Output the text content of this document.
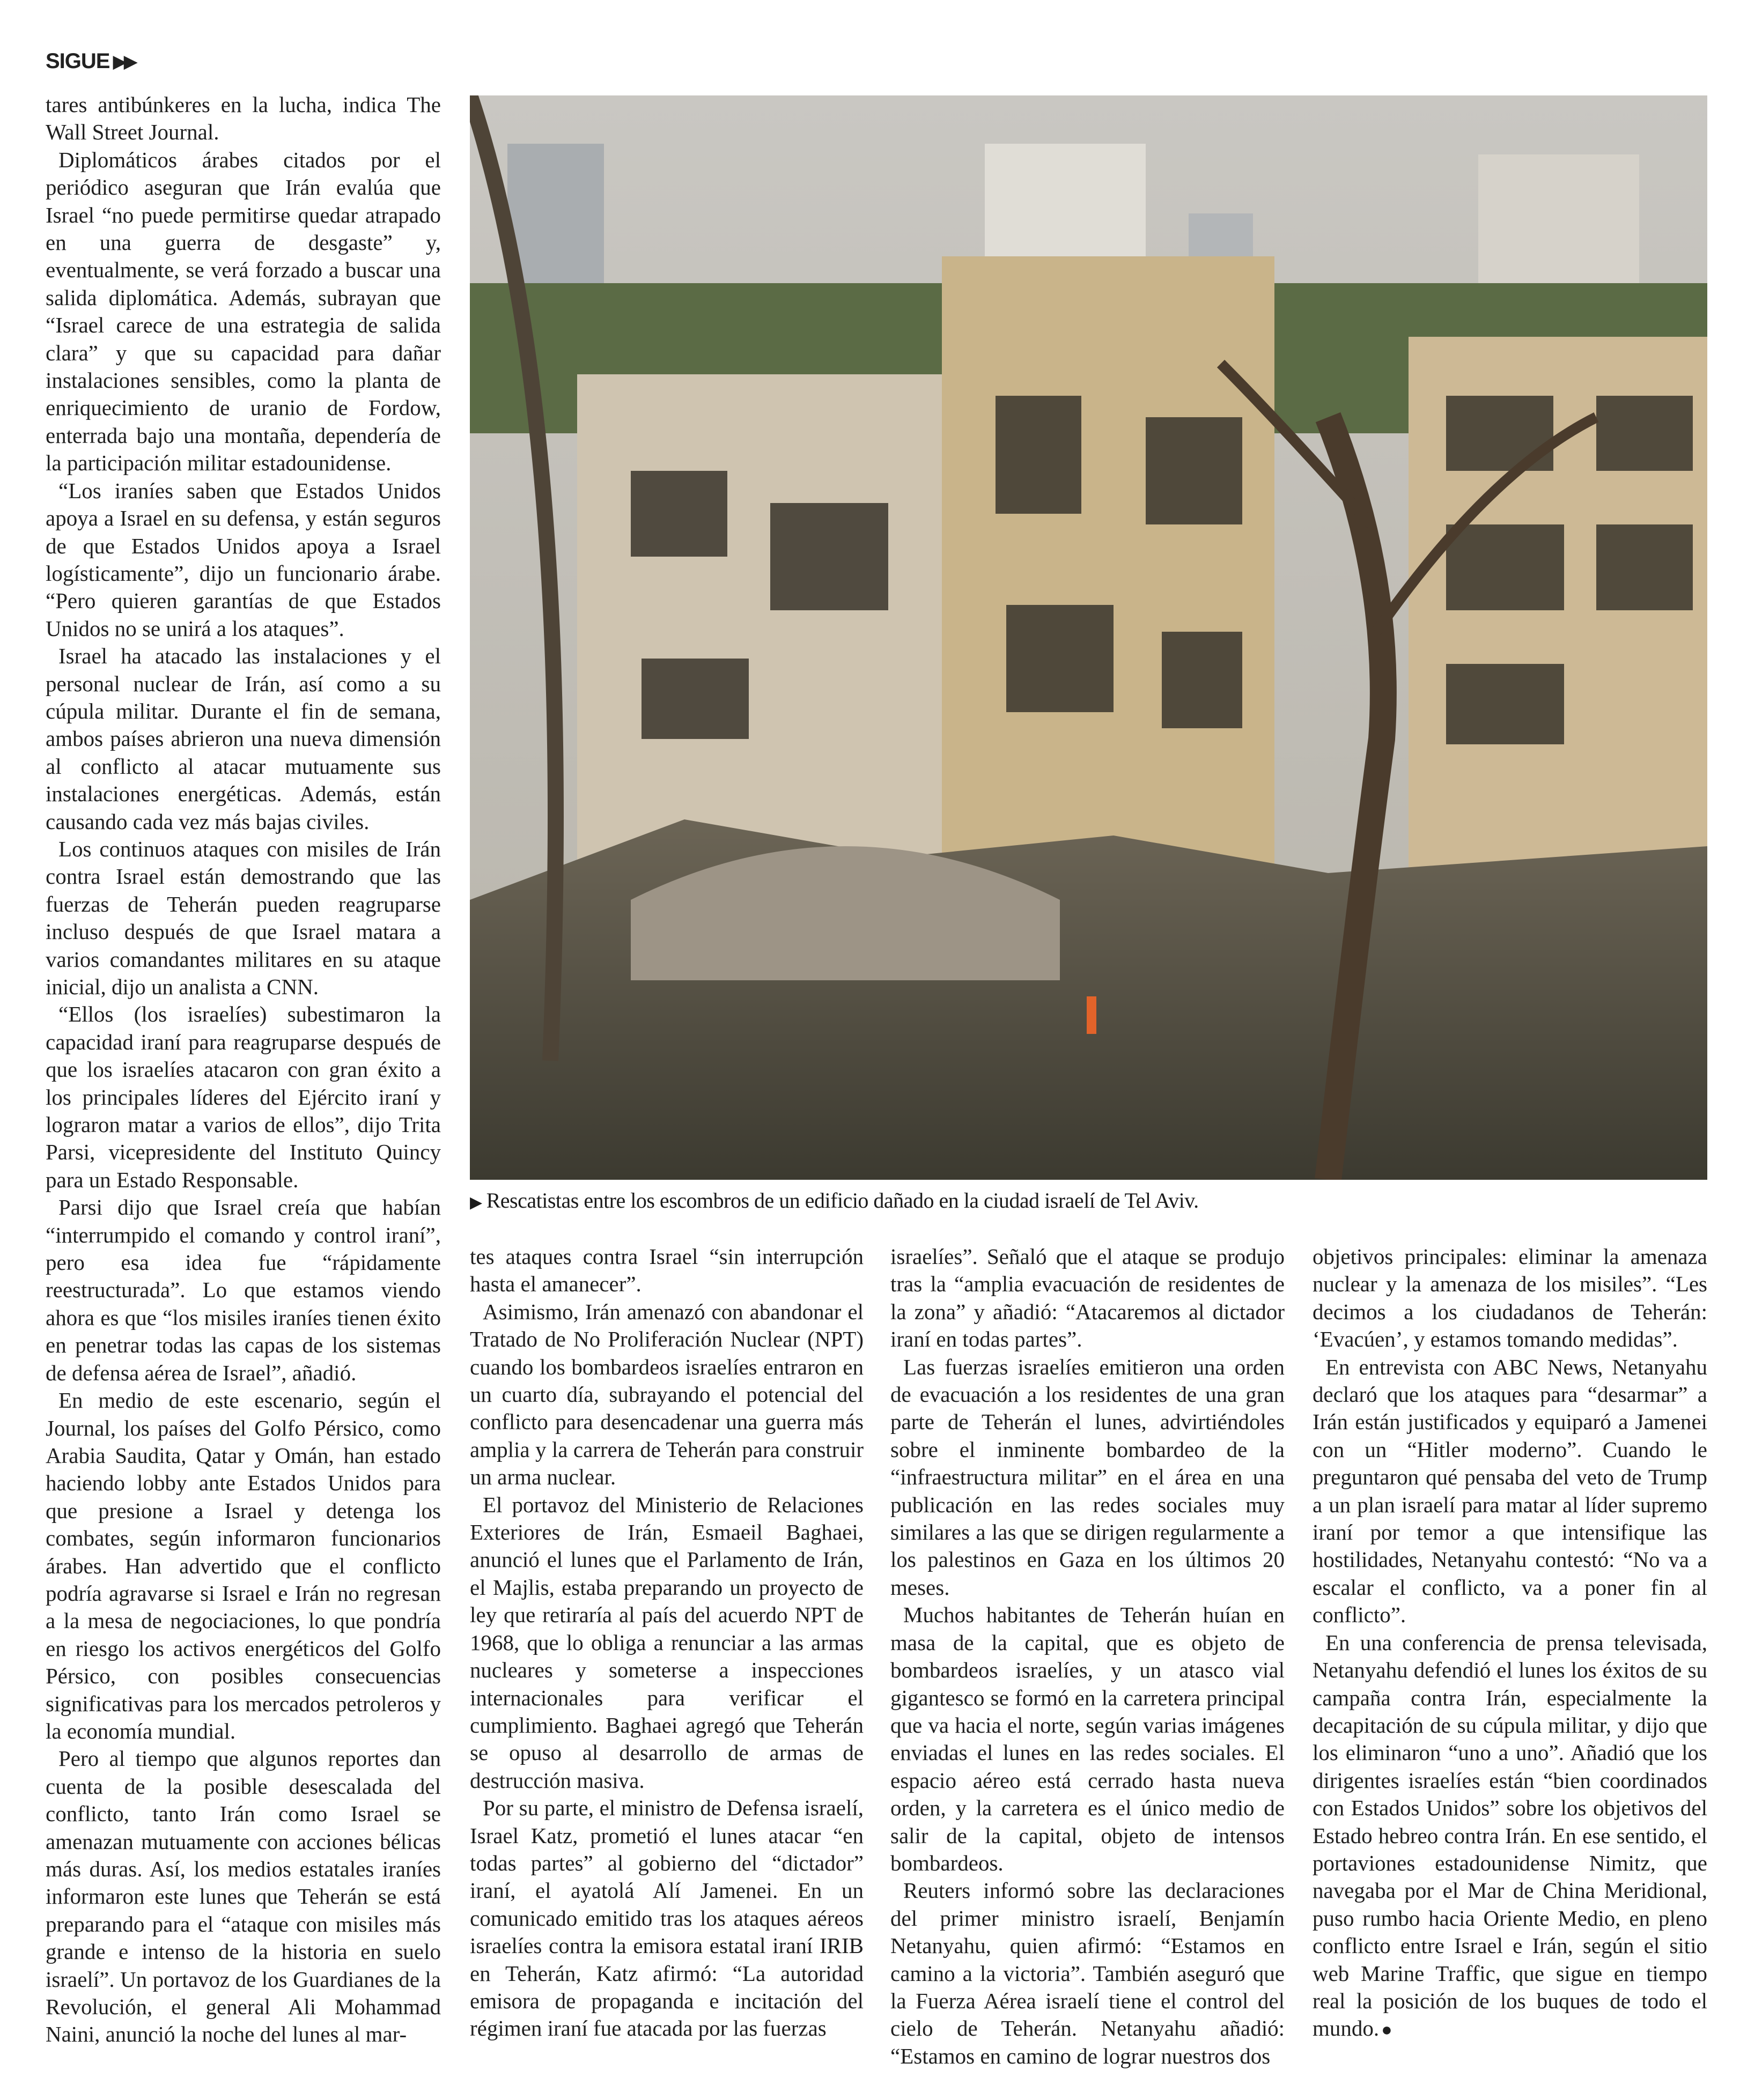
SIGUE ▶▶

tares antibúnkeres en la lucha, indica The Wall Street Journal.

Diplomáticos árabes citados por el periódico aseguran que Irán evalúa que Israel “no puede permitirse quedar atrapado en una guerra de desgaste” y, eventualmente, se verá forzado a buscar una salida diplomática. Además, subrayan que “Israel carece de una estrategia de salida clara” y que su capacidad para dañar instalaciones sensibles, como la planta de enriquecimiento de uranio de Fordow, enterrada bajo una montaña, dependería de la participación militar estadounidense.

“Los iraníes saben que Estados Unidos apoya a Israel en su defensa, y están seguros de que Estados Unidos apoya a Israel logísticamente”, dijo un funcionario árabe. “Pero quieren garantías de que Estados Unidos no se unirá a los ataques”.

Israel ha atacado las instalaciones y el personal nuclear de Irán, así como a su cúpula militar. Durante el fin de semana, ambos países abrieron una nueva dimensión al conflicto al atacar mutuamente sus instalaciones energéticas. Además, están causando cada vez más bajas civiles.

Los continuos ataques con misiles de Irán contra Israel están demostrando que las fuerzas de Teherán pueden reagruparse incluso después de que Israel matara a varios comandantes militares en su ataque inicial, dijo un analista a CNN.

“Ellos (los israelíes) subestimaron la capacidad iraní para reagruparse después de que los israelíes atacaron con gran éxito a los principales líderes del Ejército iraní y lograron matar a varios de ellos”, dijo Trita Parsi, vicepresidente del Instituto Quincy para un Estado Responsable.

Parsi dijo que Israel creía que habían “interrumpido el comando y control iraní”, pero esa idea fue “rápidamente reestructurada”. Lo que estamos viendo ahora es que “los misiles iraníes tienen éxito en penetrar todas las capas de los sistemas de defensa aérea de Israel”, añadió.

En medio de este escenario, según el Journal, los países del Golfo Pérsico, como Arabia Saudita, Qatar y Omán, han estado haciendo lobby ante Estados Unidos para que presione a Israel y detenga los combates, según informaron funcionarios árabes. Han advertido que el conflicto podría agravarse si Israel e Irán no regresan a la mesa de negociaciones, lo que pondría en riesgo los activos energéticos del Golfo Pérsico, con posibles consecuencias significativas para los mercados petroleros y la economía mundial.

Pero al tiempo que algunos reportes dan cuenta de la posible desescalada del conflicto, tanto Irán como Israel se amenazan mutuamente con acciones bélicas más duras. Así, los medios estatales iraníes informaron este lunes que Teherán se está preparando para el “ataque con misiles más grande e intenso de la historia en suelo israelí”. Un portavoz de los Guardianes de la Revolución, el general Ali Mohammad Naini, anunció la noche del lunes al mar-

▶ Rescatistas entre los escombros de un edificio dañado en la ciudad israelí de Tel Aviv.

tes ataques contra Israel “sin interrupción hasta el amanecer”.

Asimismo, Irán amenazó con abandonar el Tratado de No Proliferación Nuclear (NPT) cuando los bombardeos israelíes entraron en un cuarto día, subrayando el potencial del conflicto para desencadenar una guerra más amplia y la carrera de Teherán para construir un arma nuclear.

El portavoz del Ministerio de Relaciones Exteriores de Irán, Esmaeil Baghaei, anunció el lunes que el Parlamento de Irán, el Majlis, estaba preparando un proyecto de ley que retiraría al país del acuerdo NPT de 1968, que lo obliga a renunciar a las armas nucleares y someterse a inspecciones internacionales para verificar el cumplimiento. Baghaei agregó que Teherán se opuso al desarrollo de armas de destrucción masiva.

Por su parte, el ministro de Defensa israelí, Israel Katz, prometió el lunes atacar “en todas partes” al gobierno del “dictador” iraní, el ayatolá Alí Jamenei. En un comunicado emitido tras los ataques aéreos israelíes contra la emisora estatal iraní IRIB en Teherán, Katz afirmó: “La autoridad emisora de propaganda e incitación del régimen iraní fue atacada por las fuerzas

israelíes”. Señaló que el ataque se produjo tras la “amplia evacuación de residentes de la zona” y añadió: “Atacaremos al dictador iraní en todas partes”.

Las fuerzas israelíes emitieron una orden de evacuación a los residentes de una gran parte de Teherán el lunes, advirtiéndoles sobre el inminente bombardeo de la “infraestructura militar” en el área en una publicación en las redes sociales muy similares a las que se dirigen regularmente a los palestinos en Gaza en los últimos 20 meses.

Muchos habitantes de Teherán huían en masa de la capital, que es objeto de bombardeos israelíes, y un atasco vial gigantesco se formó en la carretera principal que va hacia el norte, según varias imágenes enviadas el lunes en las redes sociales. El espacio aéreo está cerrado hasta nueva orden, y la carretera es el único medio de salir de la capital, objeto de intensos bombardeos.

Reuters informó sobre las declaraciones del primer ministro israelí, Benjamín Netanyahu, quien afirmó: “Estamos en camino a la victoria”. También aseguró que la Fuerza Aérea israelí tiene el control del cielo de Teherán. Netanyahu añadió: “Estamos en camino de lograr nuestros dos

objetivos principales: eliminar la amenaza nuclear y la amenaza de los misiles”. “Les decimos a los ciudadanos de Teherán: ‘Evacúen’, y estamos tomando medidas”.

En entrevista con ABC News, Netanyahu declaró que los ataques para “desarmar” a Irán están justificados y equiparó a Jamenei con un “Hitler moderno”. Cuando le preguntaron qué pensaba del veto de Trump a un plan israelí para matar al líder supremo iraní por temor a que intensifique las hostilidades, Netanyahu contestó: “No va a escalar el conflicto, va a poner fin al conflicto”.

En una conferencia de prensa televisada, Netanyahu defendió el lunes los éxitos de su campaña contra Irán, especialmente la decapitación de su cúpula militar, y dijo que los eliminaron “uno a uno”. Añadió que los dirigentes israelíes están “bien coordinados con Estados Unidos” sobre los objetivos del Estado hebreo contra Irán. En ese sentido, el portaviones estadounidense Nimitz, que navegaba por el Mar de China Meridional, puso rumbo hacia Oriente Medio, en pleno conflicto entre Israel e Irán, según el sitio web Marine Traffic, que sigue en tiempo real la posición de los buques de todo el mundo. ●
